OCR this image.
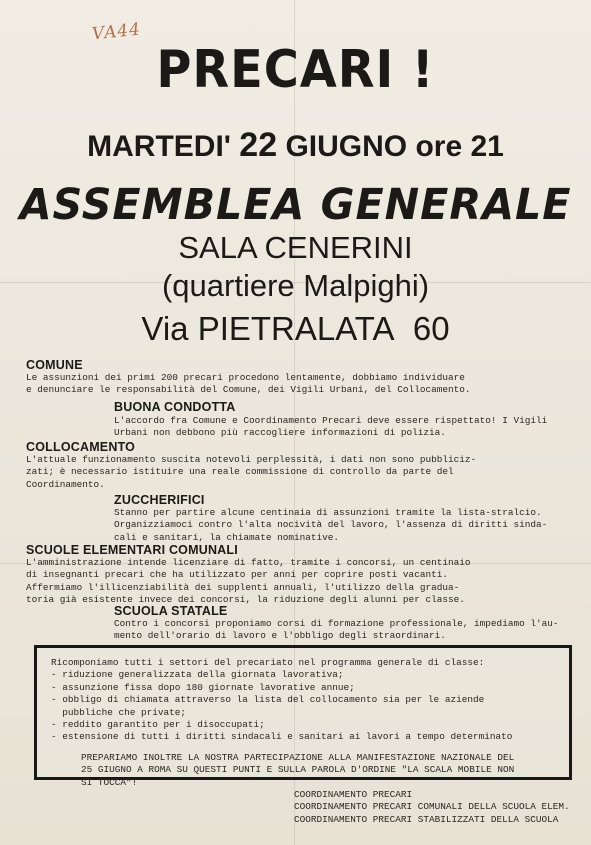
VA44
PRECARI !
MARTEDI' 22 GIUGNO ore 21
ASSEMBLEA GENERALE
SALA CENERINI
(quartiere Malpighi)
Via PIETRALATA 60
COMUNE
Le assunzioni dei primi 200 precari procedono lentamente, dobbiamo individuare
e denunciare le responsabilità del Comune, dei Vigili Urbani, del Collocamento.
BUONA CONDOTTA
L'accordo fra Comune e Coordinamento Precari deve essere rispettato! I Vigili
Urbani non debbono più raccogliere informazioni di polizia.
COLLOCAMENTO
L'attuale funzionamento suscita notevoli perplessità, i dati non sono pubbliciz-
zati; è necessario istituire una reale commissione di controllo da parte del
Coordinamento.
ZUCCHERIFICI
Stanno per partire alcune centinaia di assunzioni tramite la lista-stralcio.
Organizziamoci contro l'alta nocività del lavoro, l'assenza di diritti sinda-
cali e sanitari, la chiamate nominative.
SCUOLE ELEMENTARI COMUNALI
L'amministrazione intende licenziare di fatto, tramite i concorsi, un centinaio
di insegnanti precari che ha utilizzato per anni per coprire posti vacanti.
Affermiamo l'illicenziabilità dei supplenti annuali, l'utilizzo della gradua-
toria già esistente invece dei concorsi, la riduzione degli alunni per classe.
SCUOLA STATALE
Contro i concorsi proponiamo corsi di formazione professionale, impediamo l'au-
mento dell'orario di lavoro e l'obbligo degli straordinari.
Ricomponiamo tutti i settori del precariato nel programma generale di classe:
- riduzione generalizzata della giornata lavorativa;
- assunzione fissa dopo 180 giornate lavorative annue;
- obbligo di chiamata attraverso la lista del collocamento sia per le aziende
pubbliche che private;
- reddito garantito per i disoccupati;
- estensione di tutti i diritti sindacali e sanitari ai lavori a tempo determinato
PREPARIAMO INOLTRE LA NOSTRA PARTECIPAZIONE ALLA MANIFESTAZIONE NAZIONALE DEL
25 GIUGNO A ROMA SU QUESTI PUNTI E SULLA PAROLA D'ORDINE "LA SCALA MOBILE NON
SI TOCCA"!
COORDINAMENTO PRECARI
COORDINAMENTO PRECARI COMUNALI DELLA SCUOLA ELEM.
COORDINAMENTO PRECARI STABILIZZATI DELLA SCUOLA
